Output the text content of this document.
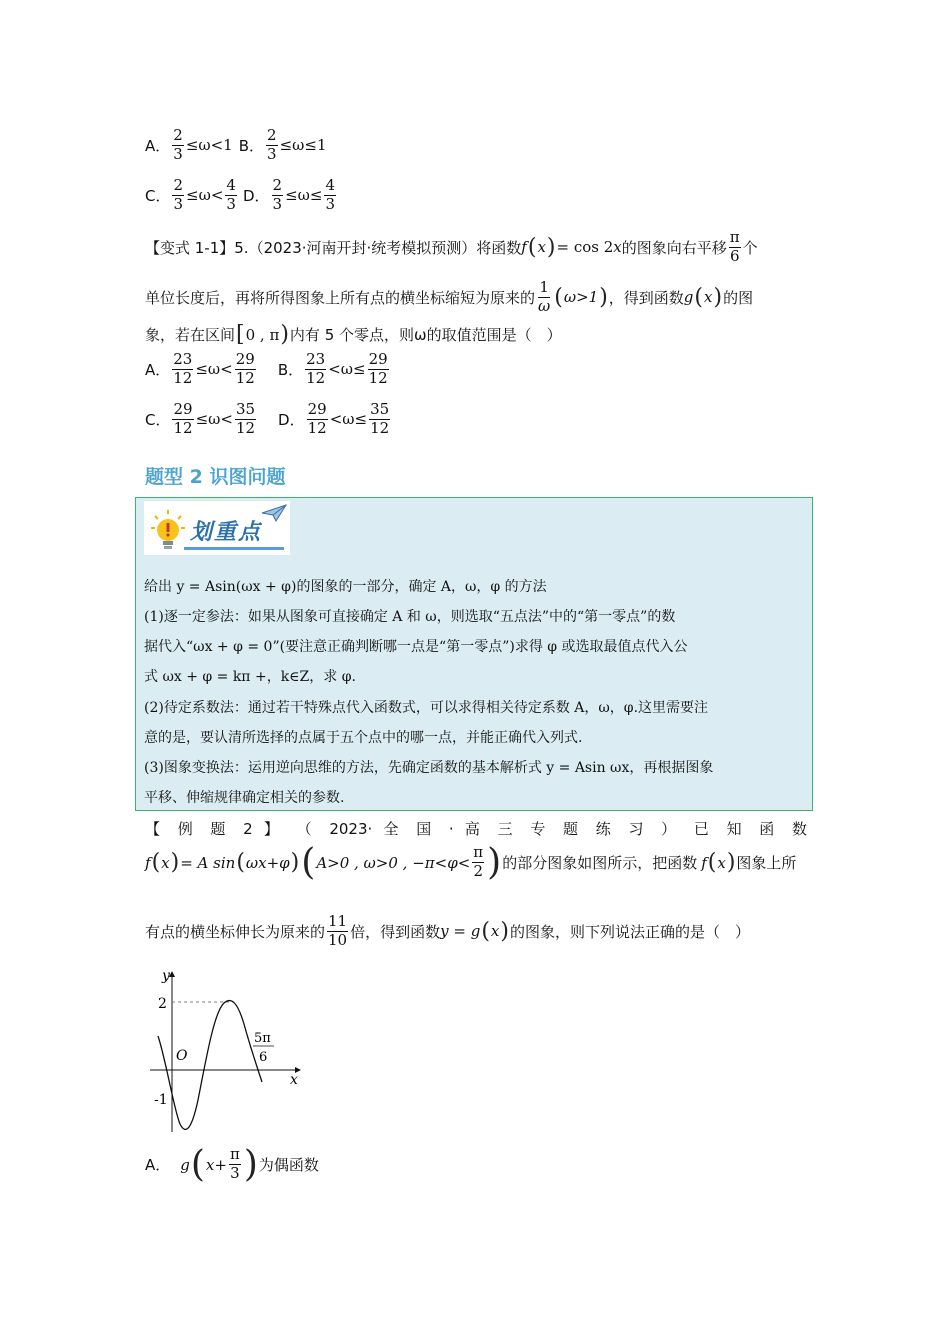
A． $\frac{2}{3} \le\omega<1$ B． $\frac{2}{3} \le\omega\le 1$
C． $\frac{2}{3} \le\omega< \frac{4}{3}$ D． $\frac{2}{3} \le\omega\le \frac{4}{3}$
【变式 1-1】5.（2023·河南开封·统考模拟预测）将函数 f ( x ) = cos 2 x 的图象向右平移 $\frac{\pi}{6}$ 个
单位长度后，再将所得图象上所有点的横坐标缩短为原来的 $\frac{1}{\omega}$ ( ω>1 ) ，得到函数 g ( x ) 的图
象，若在区间 [ 0 , π ) 内有 5 个零点，则ω的取值范围是（　）
A． $\frac{23}{12} \le\omega< \frac{29}{12}$ B． $\frac{23}{12} <\omega\le \frac{29}{12}$
C． $\frac{29}{12} \le\omega< \frac{35}{12}$ D． $\frac{29}{12} <\omega\le \frac{35}{12}$
题型 2 识图问题
划重点
给出 y = Asin(ωx + φ)的图象的一部分，确定 A，ω，φ 的方法
(1)逐一定参法：如果从图象可直接确定 A 和 ω，则选取“五点法”中的“第一零点”的数
据代入“ωx + φ = 0”(要注意正确判断哪一点是“第一零点”)求得 φ 或选取最值点代入公
式 ωx + φ = kπ +，k∈Z，求 φ.
(2)待定系数法：通过若干特殊点代入函数式，可以求得相关待定系数 A，ω，φ.这里需要注
意的是，要认清所选择的点属于五个点中的哪一点，并能正确代入列式.
(3)图象变换法：运用逆向思维的方法，先确定函数的基本解析式 y = Asin ωx，再根据图象
平移、伸缩规律确定相关的参数.
【 例 题 2 】 （ 2023· 全 国 · 高 三 专 题 练 习 ） 已 知 函 数
f ( x ) = A sin ( ωx+φ ) ( A>0 , ω>0 , $-\pi<\varphi< \frac{\pi}{2}$ ) 的部分图象如图所示，把函数 f ( x ) 图象上所
有点的横坐标伸长为原来的 $\frac{11}{10}$ 倍，得到函数 y = g ( x ) 的图象，则下列说法正确的是（　）
y
x
O
2
-1
5π
6
A． g ( $x+ \frac{\pi}{3}$ ) 为偶函数
